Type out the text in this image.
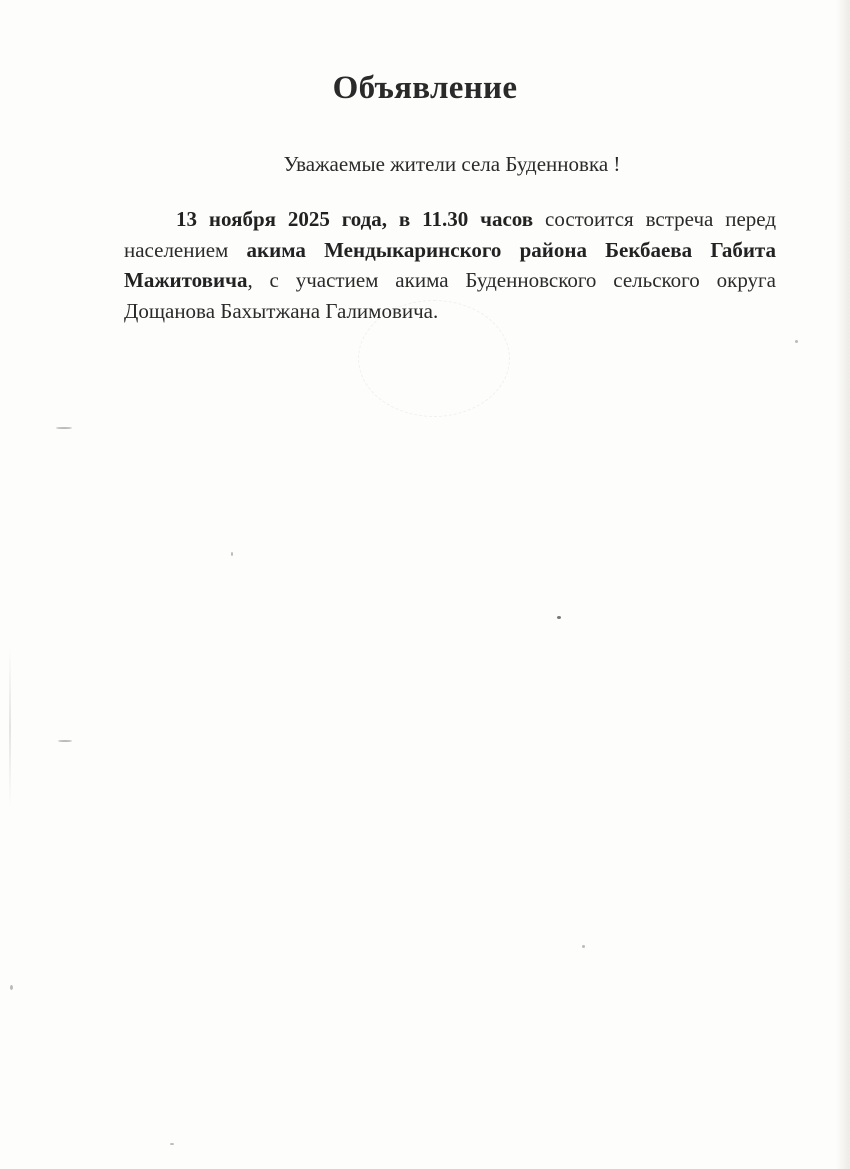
Объявление
Уважаемые жители села Буденновка !
13 ноября 2025 года, в 11.30 часов состоится встреча перед населением акима Мендыкаринского района Бекбаева Габита Мажитовича, с участием акима Буденновского сельского округа Дощанова Бахытжана Галимовича.
